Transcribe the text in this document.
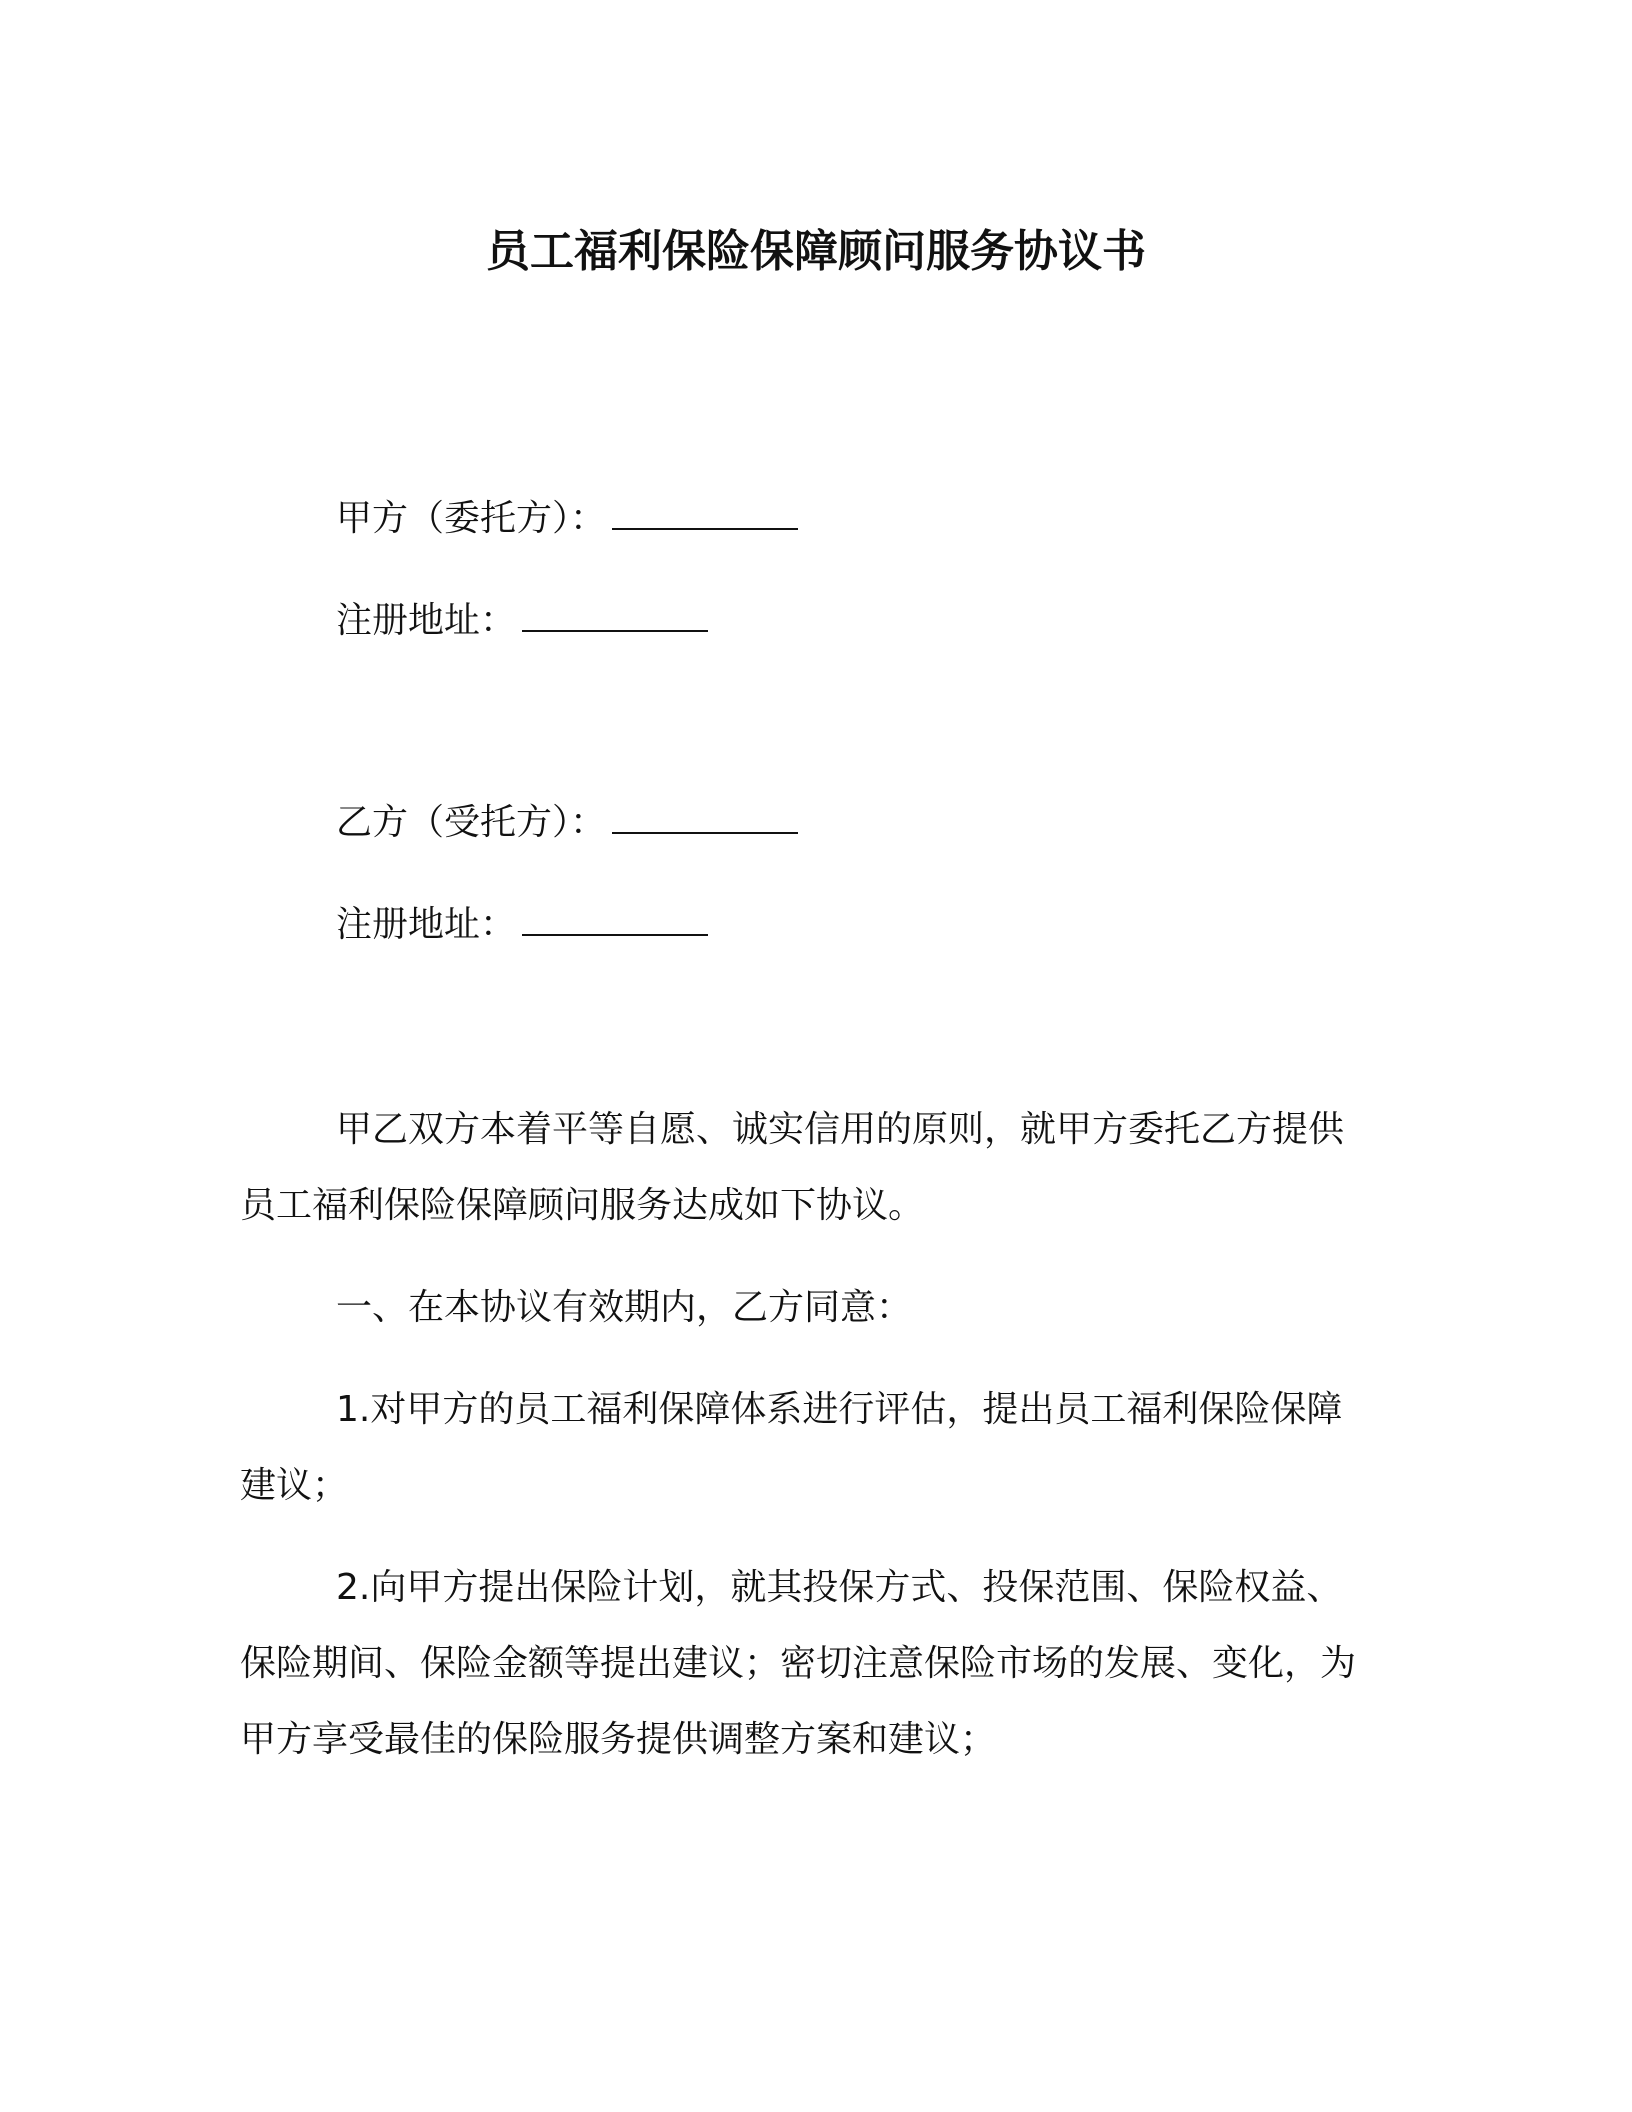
员工福利保险保障顾问服务协议书
甲方（委托方）：
注册地址：
乙方（受托方）：
注册地址：
甲乙双方本着平等自愿、诚实信用的原则，就甲方委托乙方提供员工福利保险保障顾问服务达成如下协议。
一、在本协议有效期内，乙方同意：
1.对甲方的员工福利保障体系进行评估，提出员工福利保险保障建议；
2.向甲方提出保险计划，就其投保方式、投保范围、保险权益、保险期间、保险金额等提出建议；密切注意保险市场的发展、变化，为甲方享受最佳的保险服务提供调整方案和建议；
